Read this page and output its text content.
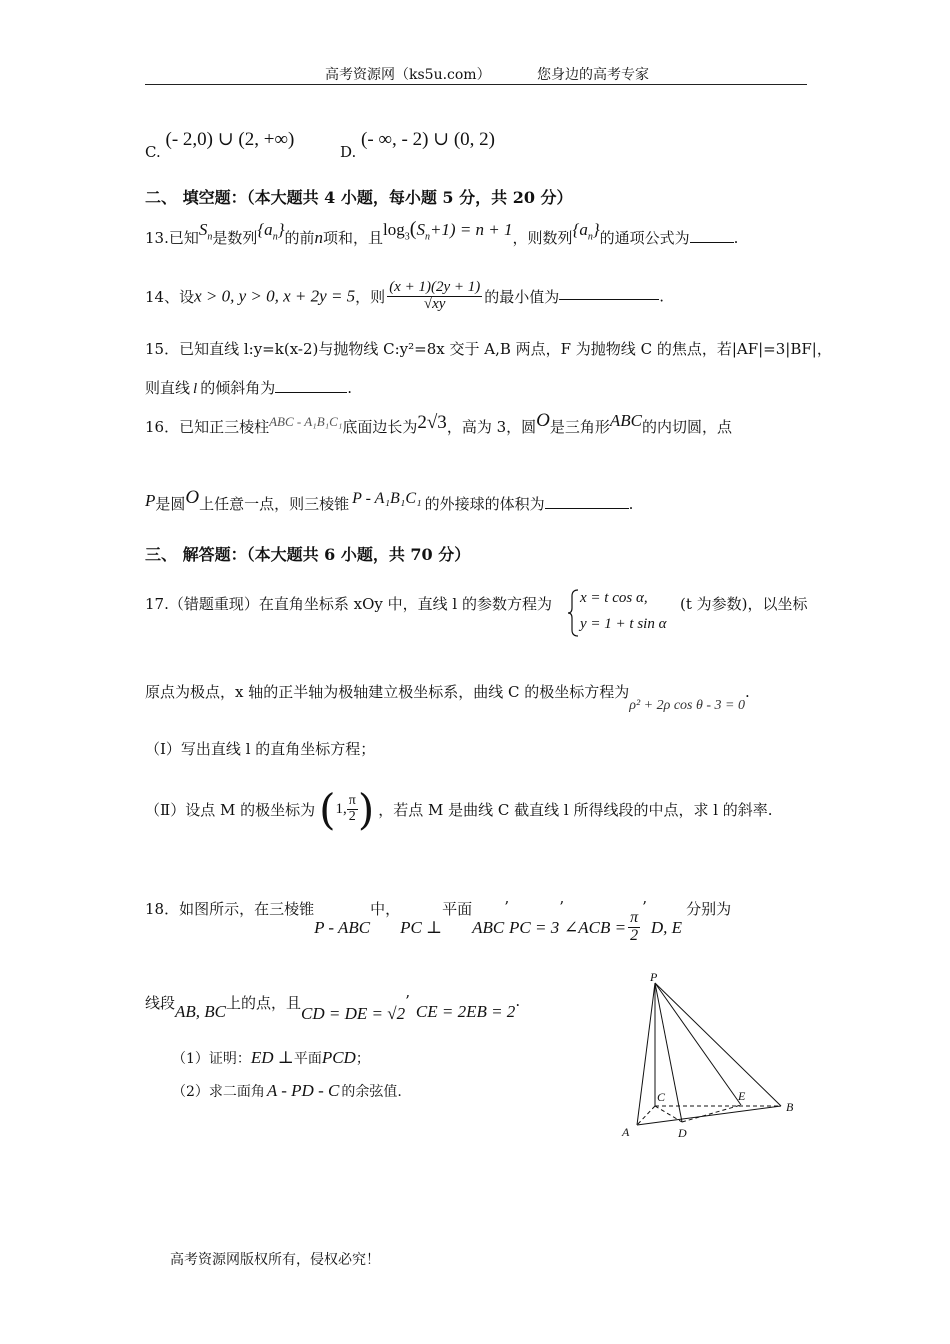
高考资源网（ks5u.com）	您身边的高考专家
C. (- 2,0) ∪ (2, +∞)
D. (- ∞, - 2) ∪ (0, 2)
二、 填空题：（本大题共 4 小题，每小题 5 分，共 20 分）
13.已知$S_n$是数列$\{a_n\}$的前n项和，且$\log_3(S_n+1) = n + 1$，则数列$\{a_n\}$的通项公式为	.
14、设x > 0, y > 0, x + 2y = 5，则 $\frac{(x + 1)(2y + 1)}{√xy}$ 的最小值为	.
15．已知直线 l:y=k(x-2)与抛物线 C:y²=8x 交于 A,B 两点，F 为抛物线 C 的焦点，若|AF|=3|BF|，
则直线 l 的倾斜角为	.
16．已知正三棱柱ABC - A₁B₁C₁底面边长为2√3，高为 3，圆O是三角形ABC的内切圆，点
P是圆O上任意一点，则三棱锥 P - A₁B₁C₁ 的外接球的体积为	.
三、 解答题：（本大题共 6 小题，共 70 分）
17.（错题重现）在直角坐标系 xOy 中，直线 l 的参数方程为 x = t cos α,
y = 1 + t sin α
(t 为参数)，以坐标
原点为极点，x 轴的正半轴为极轴建立极坐标系，曲线 C 的极坐标方程为ρ² + 2ρ cos θ - 3 = 0.
（Ⅰ）写出直线 l 的直角坐标方程；
（Ⅱ）设点 M 的极坐标为(1, $\frac{\pi}{2}$ ) ，若点 M 是曲线 C 截直线 l 所得线段的中点，求 l 的斜率.
18．如图所示，在三棱锥P - ABC中，PC ⊥平面ABC’PC = 3’∠ACB = $\frac{\pi}{2}$
’D, E分别为
线段AB, BC上的点，且CD = DE = √2’CE = 2EB = 2.
（1）证明：ED ⊥平面PCD；
（2）求二面角 A - PD - C 的余弦值.
P
A
B
C
D
E
高考资源网版权所有，侵权必究！
